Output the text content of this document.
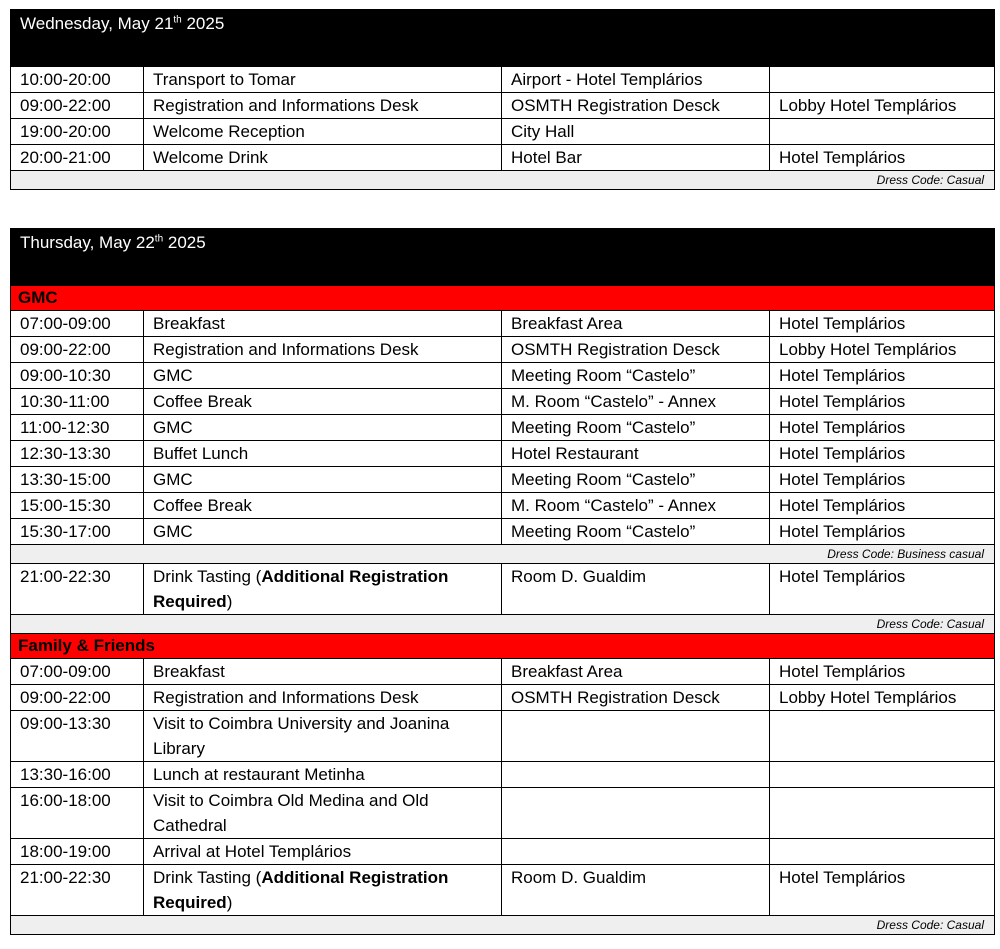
Wednesday, May 21th 2025			
10:00-20:00	Transport to Tomar	Airport - Hotel Templários	
09:00-22:00	Registration and Informations Desk	OSMTH Registration Desck	Lobby Hotel Templários
19:00-20:00	Welcome Reception	City Hall	
20:00-21:00	Welcome Drink	Hotel Bar	Hotel Templários
Dress Code: Casual			
Thursday, May 22th 2025			
GMC			
07:00-09:00	Breakfast	Breakfast Area	Hotel Templários
09:00-22:00	Registration and Informations Desk	OSMTH Registration Desck	Lobby Hotel Templários
09:00-10:30	GMC	Meeting Room “Castelo”	Hotel Templários
10:30-11:00	Coffee Break	M. Room “Castelo” - Annex	Hotel Templários
11:00-12:30	GMC	Meeting Room “Castelo”	Hotel Templários
12:30-13:30	Buffet Lunch	Hotel Restaurant	Hotel Templários
13:30-15:00	GMC	Meeting Room “Castelo”	Hotel Templários
15:00-15:30	Coffee Break	M. Room “Castelo” - Annex	Hotel Templários
15:30-17:00	GMC	Meeting Room “Castelo”	Hotel Templários
Dress Code: Business casual			
21:00-22:30	Drink Tasting (Additional Registration Required)	Room D. Gualdim	Hotel Templários
Dress Code: Casual			
Family & Friends			
07:00-09:00	Breakfast	Breakfast Area	Hotel Templários
09:00-22:00	Registration and Informations Desk	OSMTH Registration Desck	Lobby Hotel Templários
09:00-13:30	Visit to Coimbra University and Joanina Library		
13:30-16:00	Lunch at restaurant Metinha		
16:00-18:00	Visit to Coimbra Old Medina and Old Cathedral		
18:00-19:00	Arrival at Hotel Templários		
21:00-22:30	Drink Tasting (Additional Registration Required)	Room D. Gualdim	Hotel Templários
Dress Code: Casual			
